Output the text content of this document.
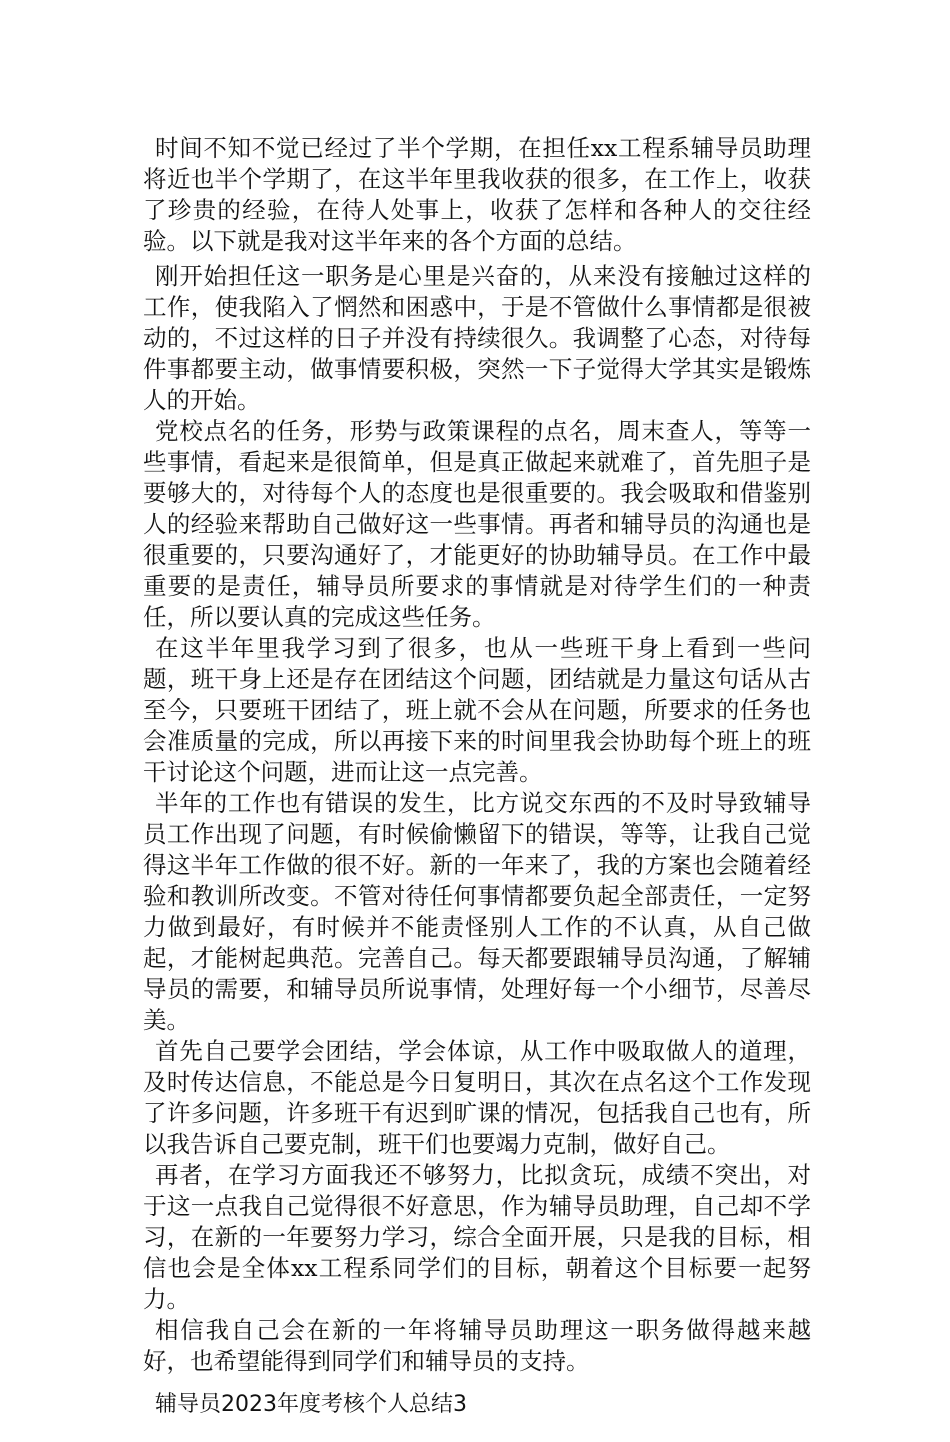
时间不知不觉已经过了半个学期，在担任xx工程系辅导员助理将近也半个学期了，在这半年里我收获的很多，在工作上，收获了珍贵的经验，在待人处事上，收获了怎样和各种人的交往经验。以下就是我对这半年来的各个方面的总结。

刚开始担任这一职务是心里是兴奋的，从来没有接触过这样的工作，使我陷入了惘然和困惑中，于是不管做什么事情都是很被动的，不过这样的日子并没有持续很久。我调整了心态，对待每件事都要主动，做事情要积极，突然一下子觉得大学其实是锻炼人的开始。

党校点名的任务，形势与政策课程的点名，周末查人，等等一些事情，看起来是很简单，但是真正做起来就难了，首先胆子是要够大的，对待每个人的态度也是很重要的。我会吸取和借鉴别人的经验来帮助自己做好这一些事情。再者和辅导员的沟通也是很重要的，只要沟通好了，才能更好的协助辅导员。在工作中最重要的是责任，辅导员所要求的事情就是对待学生们的一种责任，所以要认真的完成这些任务。

在这半年里我学习到了很多，也从一些班干身上看到一些问题，班干身上还是存在团结这个问题，团结就是力量这句话从古至今，只要班干团结了，班上就不会从在问题，所要求的任务也会准质量的完成，所以再接下来的时间里我会协助每个班上的班干讨论这个问题，进而让这一点完善。

半年的工作也有错误的发生，比方说交东西的不及时导致辅导员工作出现了问题，有时候偷懒留下的错误，等等，让我自己觉得这半年工作做的很不好。新的一年来了，我的方案也会随着经验和教训所改变。不管对待任何事情都要负起全部责任，一定努力做到最好，有时候并不能责怪别人工作的不认真，从自己做起，才能树起典范。完善自己。每天都要跟辅导员沟通，了解辅导员的需要，和辅导员所说事情，处理好每一个小细节，尽善尽美。

首先自己要学会团结，学会体谅，从工作中吸取做人的道理，及时传达信息，不能总是今日复明日，其次在点名这个工作发现了许多问题，许多班干有迟到旷课的情况，包括我自己也有，所以我告诉自己要克制，班干们也要竭力克制，做好自己。

再者，在学习方面我还不够努力，比拟贪玩，成绩不突出，对于这一点我自己觉得很不好意思，作为辅导员助理，自己却不学习，在新的一年要努力学习，综合全面开展，只是我的目标，相信也会是全体xx工程系同学们的目标，朝着这个目标要一起努力。

相信我自己会在新的一年将辅导员助理这一职务做得越来越好，也希望能得到同学们和辅导员的支持。

辅导员2023年度考核个人总结3
